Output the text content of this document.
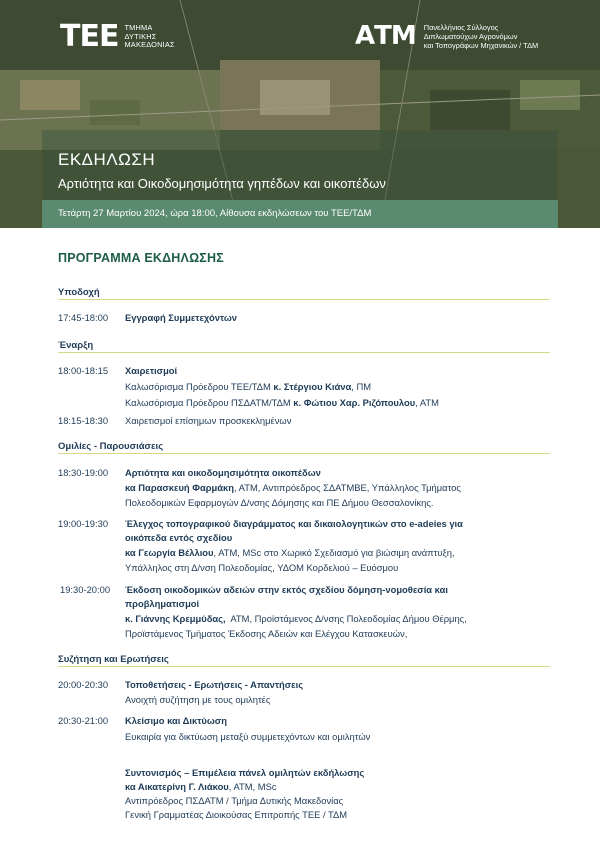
ΤΕΕ ΤΜΗΜΑ
ΔΥΤΙΚΗΣ
ΜΑΚΕΔΟΝΙΑΣ	ΑΤΜ Πανελλήνιος Σύλλογος
Διπλωματούχων Αγρονόμων
και Τοπογράφων Μηχανικών / ΤΔΜ
ΕΚΔΗΛΩΣΗ
Αρτιότητα και Οικοδομησιμότητα γηπέδων και οικοπέδων
Τετάρτη 27 Μαρτίου 2024, ώρα 18:00, Αίθουσα εκδηλώσεων του ΤΕΕ/ΤΔΜ
ΠΡΟΓΡΑΜΜΑ ΕΚΔΗΛΩΣΗΣ
Υποδοχή
17:45-18:00	Εγγραφή Συμμετεχόντων
Έναρξη
18:00-18:15	Χαιρετισμοί
Καλωσόρισμα Πρόεδρου ΤΕΕ/ΤΔΜ κ. Στέργιου Κιάνα, ΠΜ
Καλωσόρισμα Πρόεδρου ΠΣΔΑΤΜ/ΤΔΜ κ. Φώτιου Χαρ. Ριζόπουλου, ΑΤΜ
18:15-18:30	Χαιρετισμοί επίσημων προσκεκλημένων
Ομιλίες - Παρουσιάσεις
18:30-19:00	Αρτιότητα και οικοδομησιμότητα οικοπέδων
κα Παρασκευή Φαρμάκη, ΑΤΜ, Αντιπρόεδρος ΣΔΑΤΜΒΕ, Υπάλληλος Τμήματος
Πολεοδομικών Εφαρμογών Δ/νσης Δόμησης και ΠΕ Δήμου Θεσσαλονίκης.
19:00-19:30	Έλεγχος τοπογραφικού διαγράμματος και δικαιολογητικών στο e-adeies για
οικόπεδα εντός σχεδίου
κα Γεωργία Βέλλιου, ΑΤΜ, MSc στο Χωρικό Σχεδιασμό για βιώσιμη ανάπτυξη,
Υπάλληλος στη Δ/νση Πολεοδομίας, ΥΔΟΜ Κορδελιού – Ευόσμου
19:30-20:00	Έκδοση οικοδομικών αδειών στην εκτός σχεδίου δόμηση-νομοθεσία και
προβληματισμοί
κ. Γιάννης Κρεμμύδας,  ΑΤΜ, Προϊστάμενος Δ/νσης Πολεοδομίας Δήμου Θέρμης,
Προϊστάμενος Τμήματος Έκδοσης Αδειών και Ελέγχου Κατασκευών,
Συζήτηση και Ερωτήσεις
20:00-20:30	Τοποθετήσεις - Ερωτήσεις - Απαντήσεις
Ανοιχτή συζήτηση με τους ομιλητές
20:30-21:00	Κλείσιμο και Δικτύωση
Ευκαιρία για δικτύωση μεταξύ συμμετεχόντων και ομιλητών
Συντονισμός – Επιμέλεια πάνελ ομιλητών εκδήλωσης
κα Αικατερίνη Γ. Λιάκου, ΑΤΜ, MSc
Αντιπρόεδρος ΠΣΔΑΤΜ / Τμήμα Δυτικής Μακεδονίας
Γενική Γραμματέας Διοικούσας Επιτροπής ΤΕΕ / ΤΔΜ
